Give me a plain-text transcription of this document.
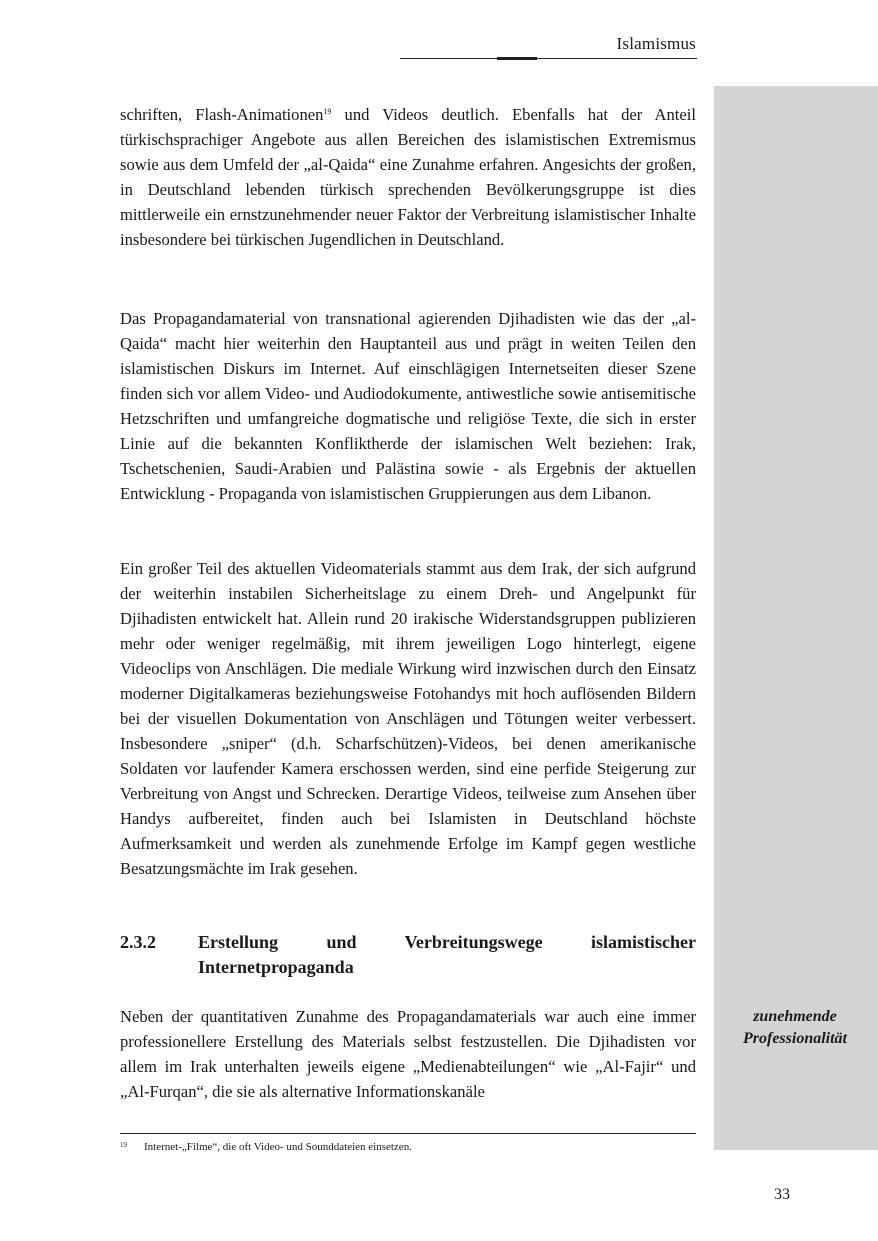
Islamismus
schriften, Flash-Animationen$^{19}$ und Videos deutlich. Ebenfalls hat der Anteil türkischsprachiger Angebote aus allen Bereichen des islamistischen Extremismus sowie aus dem Umfeld der „al-Qaida“ eine Zunahme erfahren. Angesichts der großen, in Deutschland lebenden türkisch sprechenden Bevölkerungsgruppe ist dies mittlerweile ein ernstzunehmender neuer Faktor der Verbreitung islamistischer Inhalte insbesondere bei türkischen Jugendlichen in Deutschland.
Das Propagandamaterial von transnational agierenden Djihadisten wie das der „al-Qaida“ macht hier weiterhin den Hauptanteil aus und prägt in weiten Teilen den islamistischen Diskurs im Internet. Auf einschlägigen Internetseiten dieser Szene finden sich vor allem Video- und Audiodokumente, antiwestliche sowie antisemitische Hetzschriften und umfangreiche dogmatische und religiöse Texte, die sich in erster Linie auf die bekannten Konfliktherde der islamischen Welt beziehen: Irak, Tschetschenien, Saudi-Arabien und Palästina sowie - als Ergebnis der aktuellen Entwicklung - Propaganda von islamistischen Gruppierungen aus dem Libanon.
Ein großer Teil des aktuellen Videomaterials stammt aus dem Irak, der sich aufgrund der weiterhin instabilen Sicherheitslage zu einem Dreh- und Angelpunkt für Djihadisten entwickelt hat. Allein rund 20 irakische Widerstandsgruppen publizieren mehr oder weniger regelmäßig, mit ihrem jeweiligen Logo hinterlegt, eigene Videoclips von Anschlägen. Die mediale Wirkung wird inzwischen durch den Einsatz moderner Digitalkameras beziehungsweise Fotohandys mit hoch auflösenden Bildern bei der visuellen Dokumentation von Anschlägen und Tötungen weiter verbessert. Insbesondere „sniper“ (d.h. Scharfschützen)-Videos, bei denen amerikanische Soldaten vor laufender Kamera erschossen werden, sind eine perfide Steigerung zur Verbreitung von Angst und Schrecken. Derartige Videos, teilweise zum Ansehen über Handys aufbereitet, finden auch bei Islamisten in Deutschland höchste Aufmerksamkeit und werden als zunehmende Erfolge im Kampf gegen westliche Besatzungsmächte im Irak gesehen.
2.3.2 Erstellung und Verbreitungswege islamistischer Internetpropaganda
Neben der quantitativen Zunahme des Propagandamaterials war auch eine immer professionellere Erstellung des Materials selbst festzustellen. Die Djihadisten vor allem im Irak unterhalten jeweils eigene „Medienabteilungen“ wie „Al-Fajir“ und „Al-Furqan“, die sie als alternative Informationskanäle
zunehmende
Professionalität
19 Internet-„Filme“, die oft Video- und Sounddateien einsetzen.
33
